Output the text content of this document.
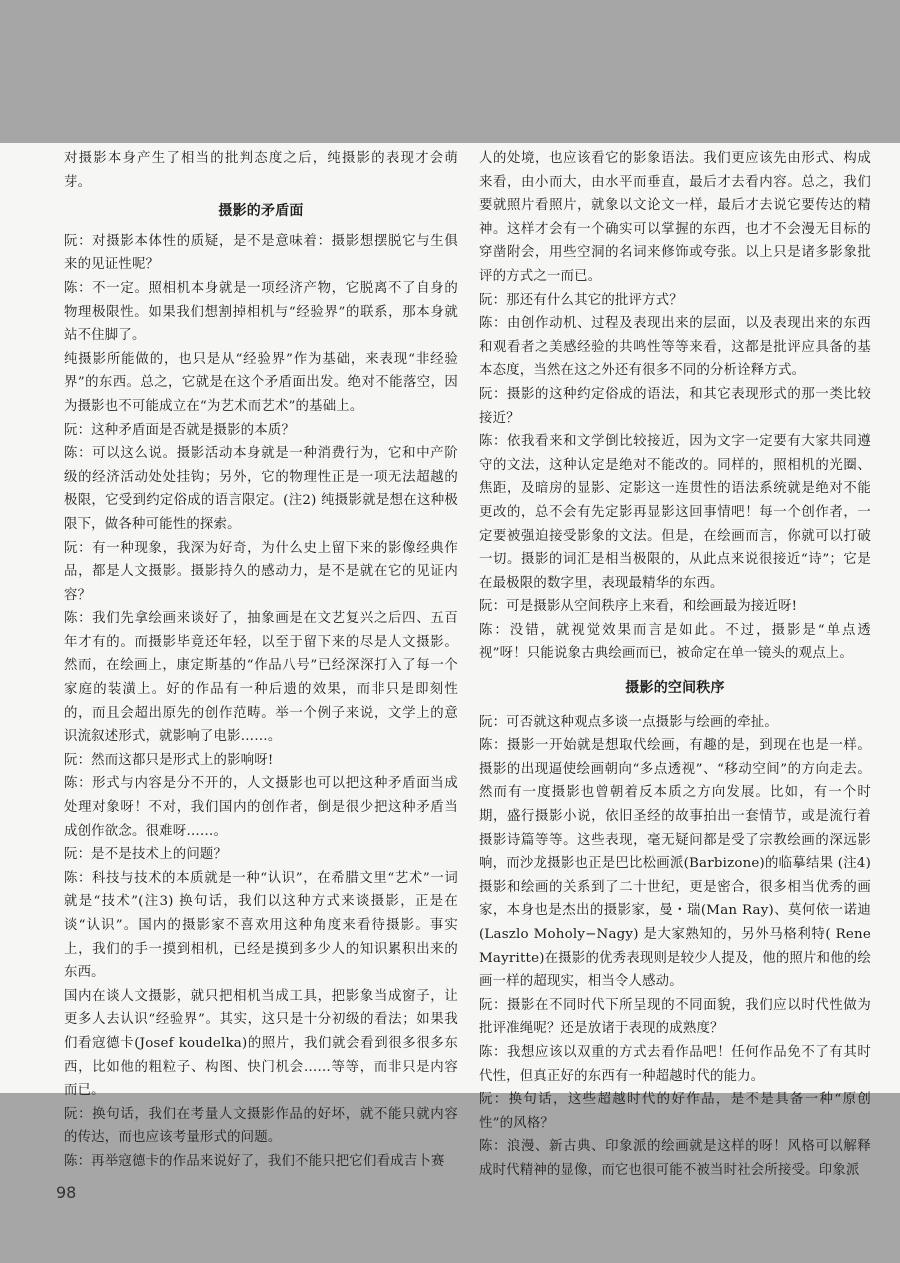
对摄影本身产生了相当的批判态度之后，纯摄影的表现才会萌芽。

摄影的矛盾面

阮：对摄影本体性的质疑，是不是意味着：摄影想摆脱它与生俱来的见证性呢？

陈：不一定。照相机本身就是一项经济产物，它脱离不了自身的物理极限性。如果我们想割掉相机与“经验界”的联系，那本身就站不住脚了。

纯摄影所能做的，也只是从“经验界”作为基础，来表现“非经验界”的东西。总之，它就是在这个矛盾面出发。绝对不能落空，因为摄影也不可能成立在“为艺术而艺术”的基础上。

阮：这种矛盾面是否就是摄影的本质？

陈：可以这么说。摄影活动本身就是一种消费行为，它和中产阶级的经济活动处处挂钩；另外，它的物理性正是一项无法超越的极限，它受到约定俗成的语言限定。(注2) 纯摄影就是想在这种极限下，做各种可能性的探索。

阮：有一种现象，我深为好奇，为什么史上留下来的影像经典作品，都是人文摄影。摄影持久的感动力，是不是就在它的见证内容？

陈：我们先拿绘画来谈好了，抽象画是在文艺复兴之后四、五百年才有的。而摄影毕竟还年轻，以至于留下来的尽是人文摄影。然而，在绘画上，康定斯基的“作品八号”已经深深打入了每一个家庭的装潢上。好的作品有一种后遗的效果，而非只是即刻性的，而且会超出原先的创作范畴。举一个例子来说，文学上的意识流叙述形式，就影响了电影……。

阮：然而这都只是形式上的影响呀!

陈：形式与内容是分不开的，人文摄影也可以把这种矛盾面当成处理对象呀！不对，我们国内的创作者，倒是很少把这种矛盾当成创作欲念。很难呀……。

阮：是不是技术上的问题？

陈：科技与技术的本质就是一种“认识”，在希腊文里“艺术”一词就是“技术”(注3) 换句话，我们以这种方式来谈摄影，正是在谈“认识”。国内的摄影家不喜欢用这种角度来看待摄影。事实上，我们的手一摸到相机，已经是摸到多少人的知识累积出来的东西。

国内在谈人文摄影，就只把相机当成工具，把影象当成窗子，让更多人去认识“经验界”。其实，这只是十分初级的看法；如果我们看寇德卡(Josef koudelka)的照片，我们就会看到很多很多东西，比如他的粗粒子、构图、快门机会……等等，而非只是内容而已。

阮：换句话，我们在考量人文摄影作品的好坏，就不能只就内容的传达，而也应该考量形式的问题。

陈：再举寇德卡的作品来说好了，我们不能只把它们看成吉卜赛

人的处境，也应该看它的影象语法。我们更应该先由形式、构成来看，由小而大，由水平而垂直，最后才去看内容。总之，我们要就照片看照片，就象以文论文一样，最后才去说它要传达的精神。这样才会有一个确实可以掌握的东西，也才不会漫无目标的穿凿附会，用些空洞的名词来修饰或夸张。以上只是诸多影象批评的方式之一而已。

阮：那还有什么其它的批评方式？

陈：由创作动机、过程及表现出来的层面，以及表现出来的东西和观看者之美感经验的共鸣性等等来看，这都是批评应具备的基本态度，当然在这之外还有很多不同的分析诠释方式。

阮：摄影的这种约定俗成的语法，和其它表现形式的那一类比较接近？

陈：依我看来和文学倒比较接近，因为文字一定要有大家共同遵守的文法，这种认定是绝对不能改的。同样的，照相机的光圈、焦距，及暗房的显影、定影这一连贯性的语法系统就是绝对不能更改的，总不会有先定影再显影这回事情吧！每一个创作者，一定要被强迫接受影象的文法。但是，在绘画而言，你就可以打破一切。摄影的词汇是相当极限的，从此点来说很接近“诗”；它是在最极限的数字里，表现最精华的东西。

阮：可是摄影从空间秩序上来看，和绘画最为接近呀!

陈：没错，就视觉效果而言是如此。不过，摄影是“单点透视”呀！只能说象古典绘画而已，被命定在单一镜头的观点上。

摄影的空间秩序

阮：可否就这种观点多谈一点摄影与绘画的牵扯。

陈：摄影一开始就是想取代绘画，有趣的是，到现在也是一样。摄影的出现逼使绘画朝向“多点透视”、“移动空间”的方向走去。然而有一度摄影也曾朝着反本质之方向发展。比如，有一个时期，盛行摄影小说，依旧圣经的故事拍出一套情节，或是流行着摄影诗篇等等。这些表现，毫无疑问都是受了宗教绘画的深远影响，而沙龙摄影也正是巴比松画派(Barbizone)的临摹结果 (注4) 摄影和绘画的关系到了二十世纪，更是密合，很多相当优秀的画家，本身也是杰出的摄影家，曼・瑞(Man Ray)、莫何依一诺迪(Laszlo Moholy−Nagy) 是大家熟知的，另外马格利特( Rene Mayritte)在摄影的优秀表现则是较少人提及，他的照片和他的绘画一样的超现实，相当令人感动。

阮：摄影在不同时代下所呈现的不同面貌，我们应以时代性做为批评准绳呢？还是放诸于表现的成熟度？

陈：我想应该以双重的方式去看作品吧！任何作品免不了有其时代性，但真正好的东西有一种超越时代的能力。

阮：换句话，这些超越时代的好作品，是不是具备一种“原创性”的风格？

陈：浪漫、新古典、印象派的绘画就是这样的呀！风格可以解释成时代精神的显像，而它也很可能不被当时社会所接受。印象派

98
